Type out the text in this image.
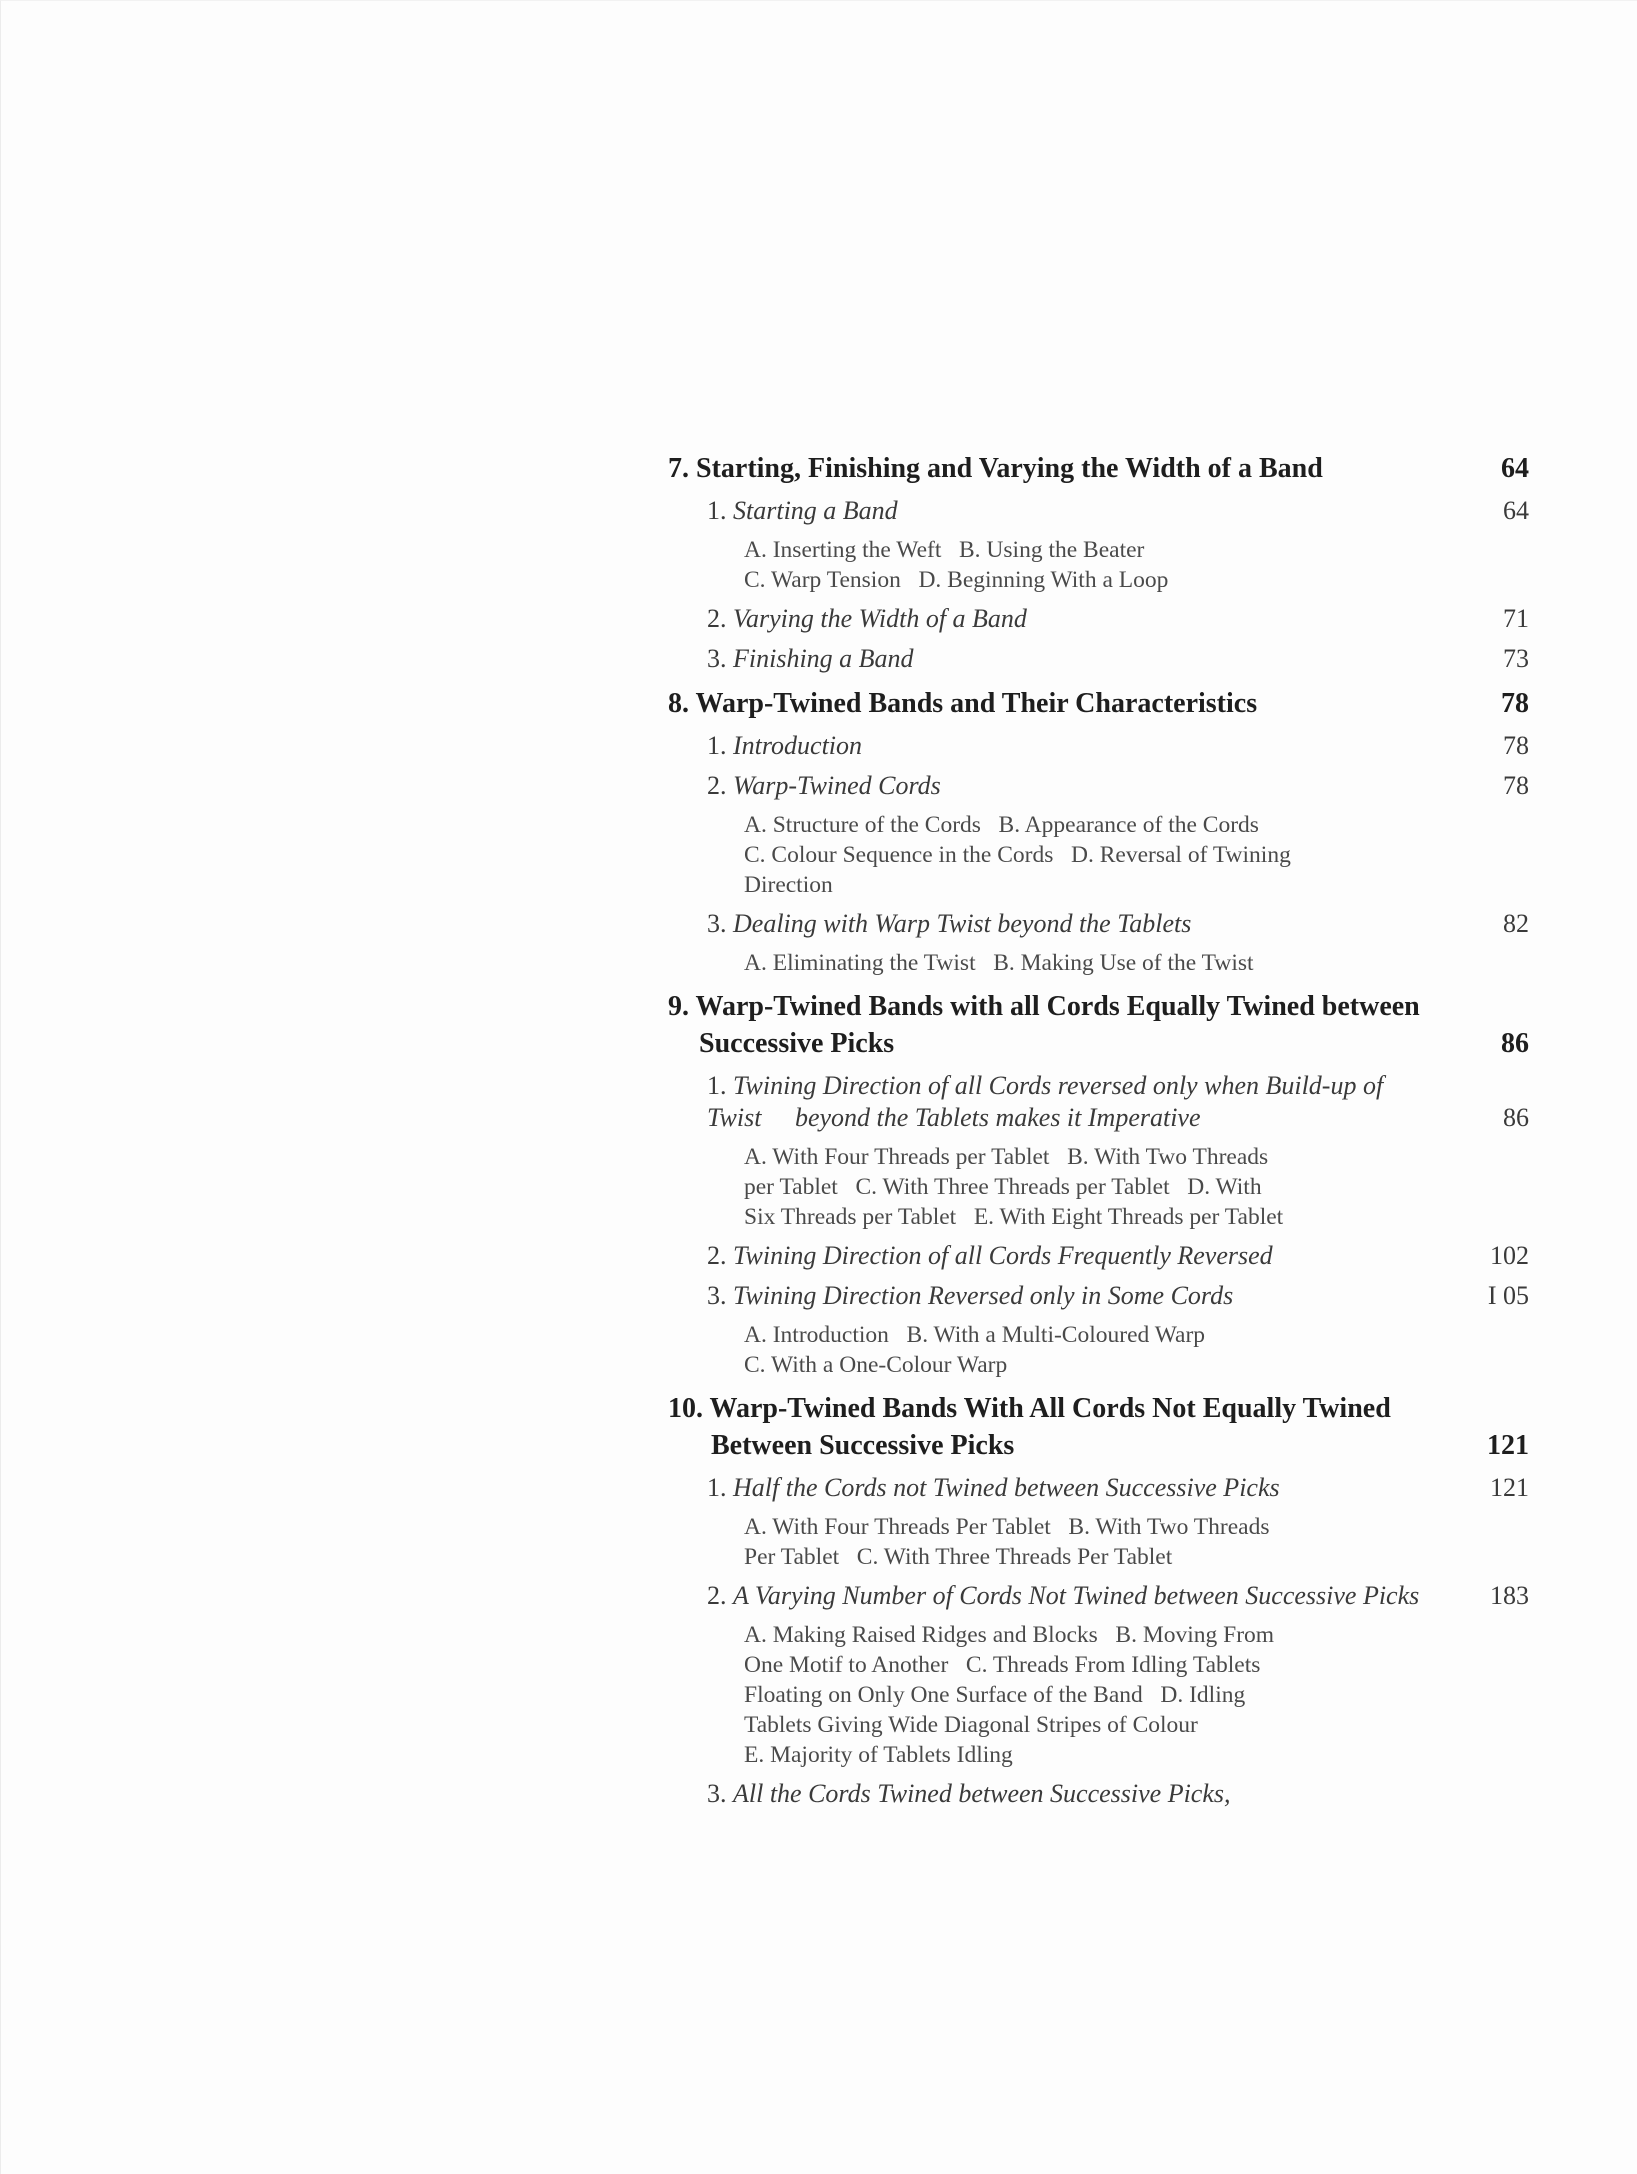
7. Starting, Finishing and Varying the Width of a Band	64
1. Starting a Band	64
A. Inserting the Weft   B. Using the Beater
C. Warp Tension   D. Beginning With a Loop
2. Varying the Width of a Band	71
3. Finishing a Band	73
8. Warp-Twined Bands and Their Characteristics	78
1. Introduction	78
2. Warp-Twined Cords	78
A. Structure of the Cords   B. Appearance of the Cords
C. Colour Sequence in the Cords   D. Reversal of Twining
Direction
3. Dealing with Warp Twist beyond the Tablets	82
A. Eliminating the Twist   B. Making Use of the Twist
9. Warp-Twined Bands with all Cords Equally Twined between
Successive Picks	86
1. Twining Direction of all Cords reversed only when Build-up of Twist beyond the Tablets makes it Imperative	86
A. With Four Threads per Tablet   B. With Two Threads
per Tablet   C. With Three Threads per Tablet   D. With
Six Threads per Tablet   E. With Eight Threads per Tablet
2. Twining Direction of all Cords Frequently Reversed	102
3. Twining Direction Reversed only in Some Cords	I 05
A. Introduction   B. With a Multi-Coloured Warp
C. With a One-Colour Warp
10. Warp-Twined Bands With All Cords Not Equally Twined
Between Successive Picks	121
1. Half the Cords not Twined between Successive Picks	121
A. With Four Threads Per Tablet   B. With Two Threads
Per Tablet   C. With Three Threads Per Tablet
2. A Varying Number of Cords Not Twined between Successive Picks	183
A. Making Raised Ridges and Blocks   B. Moving From
One Motif to Another   C. Threads From Idling Tablets
Floating on Only One Surface of the Band   D. Idling
Tablets Giving Wide Diagonal Stripes of Colour
E. Majority of Tablets Idling
3. All the Cords Twined between Successive Picks,
